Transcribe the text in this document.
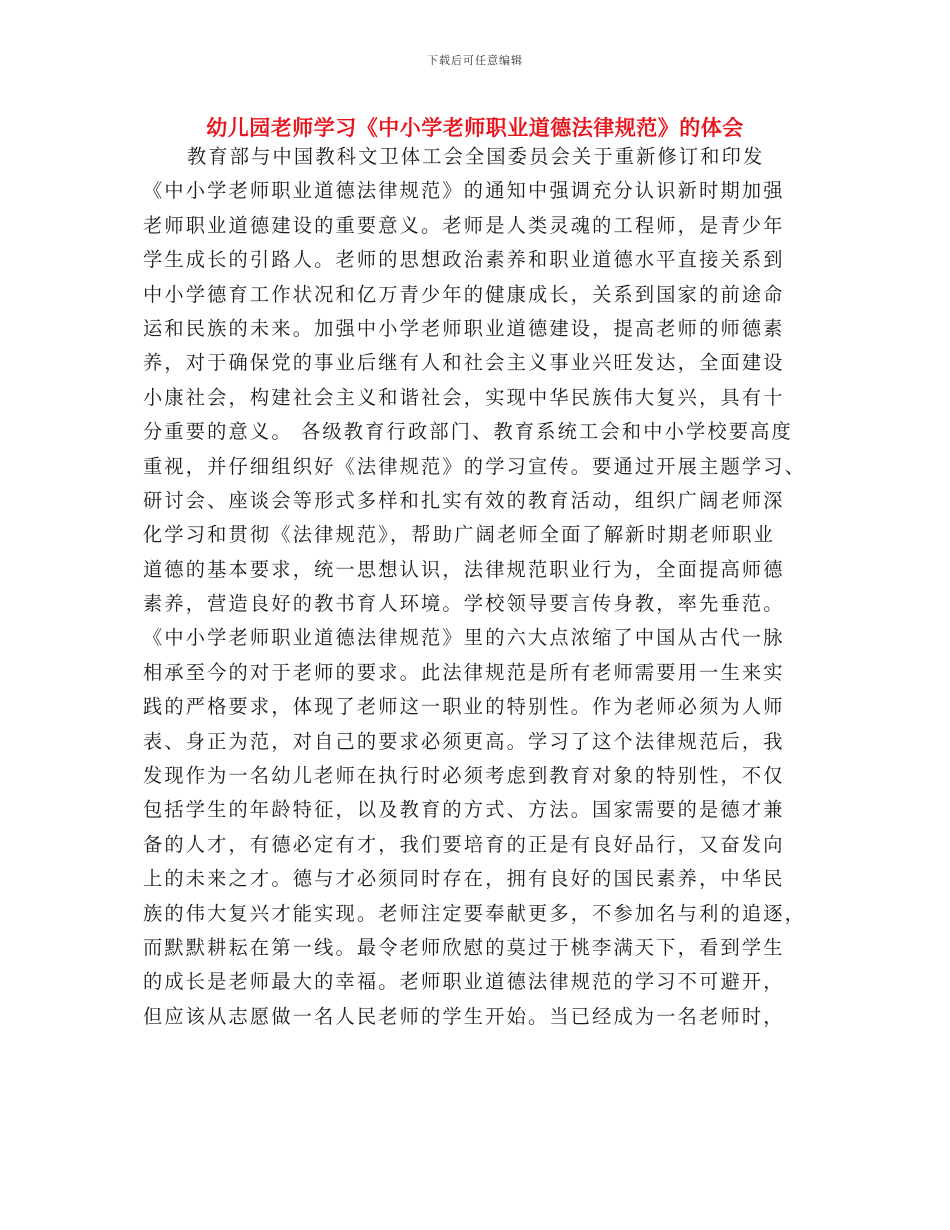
下载后可任意编辑
幼儿园老师学习《中小学老师职业道德法律规范》的体会
教育部与中国教科文卫体工会全国委员会关于重新修订和印发
《中小学老师职业道德法律规范》的通知中强调充分认识新时期加强
老师职业道德建设的重要意义。老师是人类灵魂的工程师，是青少年
学生成长的引路人。老师的思想政治素养和职业道德水平直接关系到
中小学德育工作状况和亿万青少年的健康成长，关系到国家的前途命
运和民族的未来。加强中小学老师职业道德建设，提高老师的师德素
养，对于确保党的事业后继有人和社会主义事业兴旺发达，全面建设
小康社会，构建社会主义和谐社会，实现中华民族伟大复兴，具有十
分重要的意义。 各级教育行政部门、教育系统工会和中小学校要高度
重视，并仔细组织好《法律规范》的学习宣传。要通过开展主题学习、
研讨会、座谈会等形式多样和扎实有效的教育活动，组织广阔老师深
化学习和贯彻《法律规范》，帮助广阔老师全面了解新时期老师职业
道德的基本要求，统一思想认识，法律规范职业行为，全面提高师德
素养，营造良好的教书育人环境。学校领导要言传身教，率先垂范。
《中小学老师职业道德法律规范》里的六大点浓缩了中国从古代一脉
相承至今的对于老师的要求。此法律规范是所有老师需要用一生来实
践的严格要求，体现了老师这一职业的特别性。作为老师必须为人师
表、身正为范，对自己的要求必须更高。学习了这个法律规范后，我
发现作为一名幼儿老师在执行时必须考虑到教育对象的特别性，不仅
包括学生的年龄特征，以及教育的方式、方法。国家需要的是德才兼
备的人才，有德必定有才，我们要培育的正是有良好品行，又奋发向
上的未来之才。德与才必须同时存在，拥有良好的国民素养，中华民
族的伟大复兴才能实现。老师注定要奉献更多，不参加名与利的追逐，
而默默耕耘在第一线。最令老师欣慰的莫过于桃李满天下，看到学生
的成长是老师最大的幸福。老师职业道德法律规范的学习不可避开，
但应该从志愿做一名人民老师的学生开始。当已经成为一名老师时，
